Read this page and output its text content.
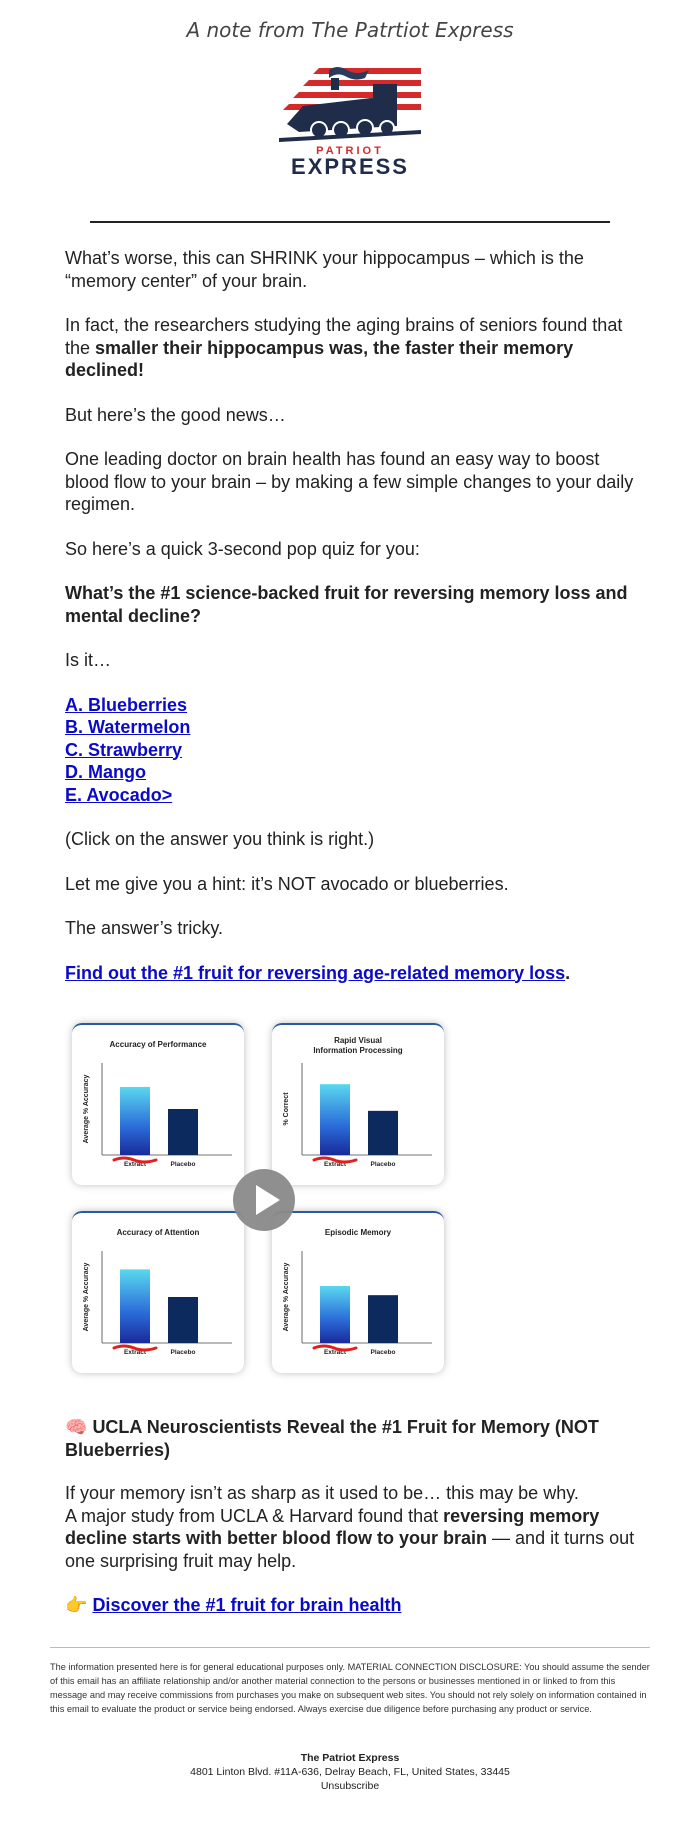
A note from The Patrtiot Express
PATRIOT
EXPRESS

What’s worse, this can SHRINK your hippocampus – which is the “memory center” of your brain.

In fact, the researchers studying the aging brains of seniors found that the smaller their hippocampus was, the faster their memory declined!

But here’s the good news…

One leading doctor on brain health has found an easy way to boost blood flow to your brain – by making a few simple changes to your daily regimen.

So here’s a quick 3-second pop quiz for you:

What’s the #1 science-backed fruit for reversing memory loss and mental decline?

Is it…

A. Blueberries
B. Watermelon
C. Strawberry
D. Mango
E. Avocado>

(Click on the answer you think is right.)

Let me give you a hint: it’s NOT avocado or blueberries.

The answer’s tricky.

Find out the #1 fruit for reversing age-related memory loss.

Accuracy of Performance
Average % Accuracy
Extract	Placebo
Rapid Visual
Information Processing
% Correct
Extract	Placebo
Accuracy of Attention
Average % Accuracy
Extract	Placebo
Episodic Memory
Average % Accuracy
Extract	Placebo
🧠 UCLA Neuroscientists Reveal the #1 Fruit for Memory (NOT Blueberries)

If your memory isn’t as sharp as it used to be… this may be why.

A major study from UCLA & Harvard found that reversing memory decline starts with better blood flow to your brain — and it turns out one surprising fruit may help.

👉 Discover the #1 fruit for brain health
The information presented here is for general educational purposes only. MATERIAL CONNECTION DISCLOSURE: You should assume the sender of this email has an affiliate relationship and/or another material connection to the persons or businesses mentioned in or linked to from this message and may receive commissions from purchases you make on subsequent web sites. You should not rely solely on information contained in this email to evaluate the product or service being endorsed. Always exercise due diligence before purchasing any product or service.
The Patriot Express
4801 Linton Blvd. #11A-636, Delray Beach, FL, United States, 33445
Unsubscribe
